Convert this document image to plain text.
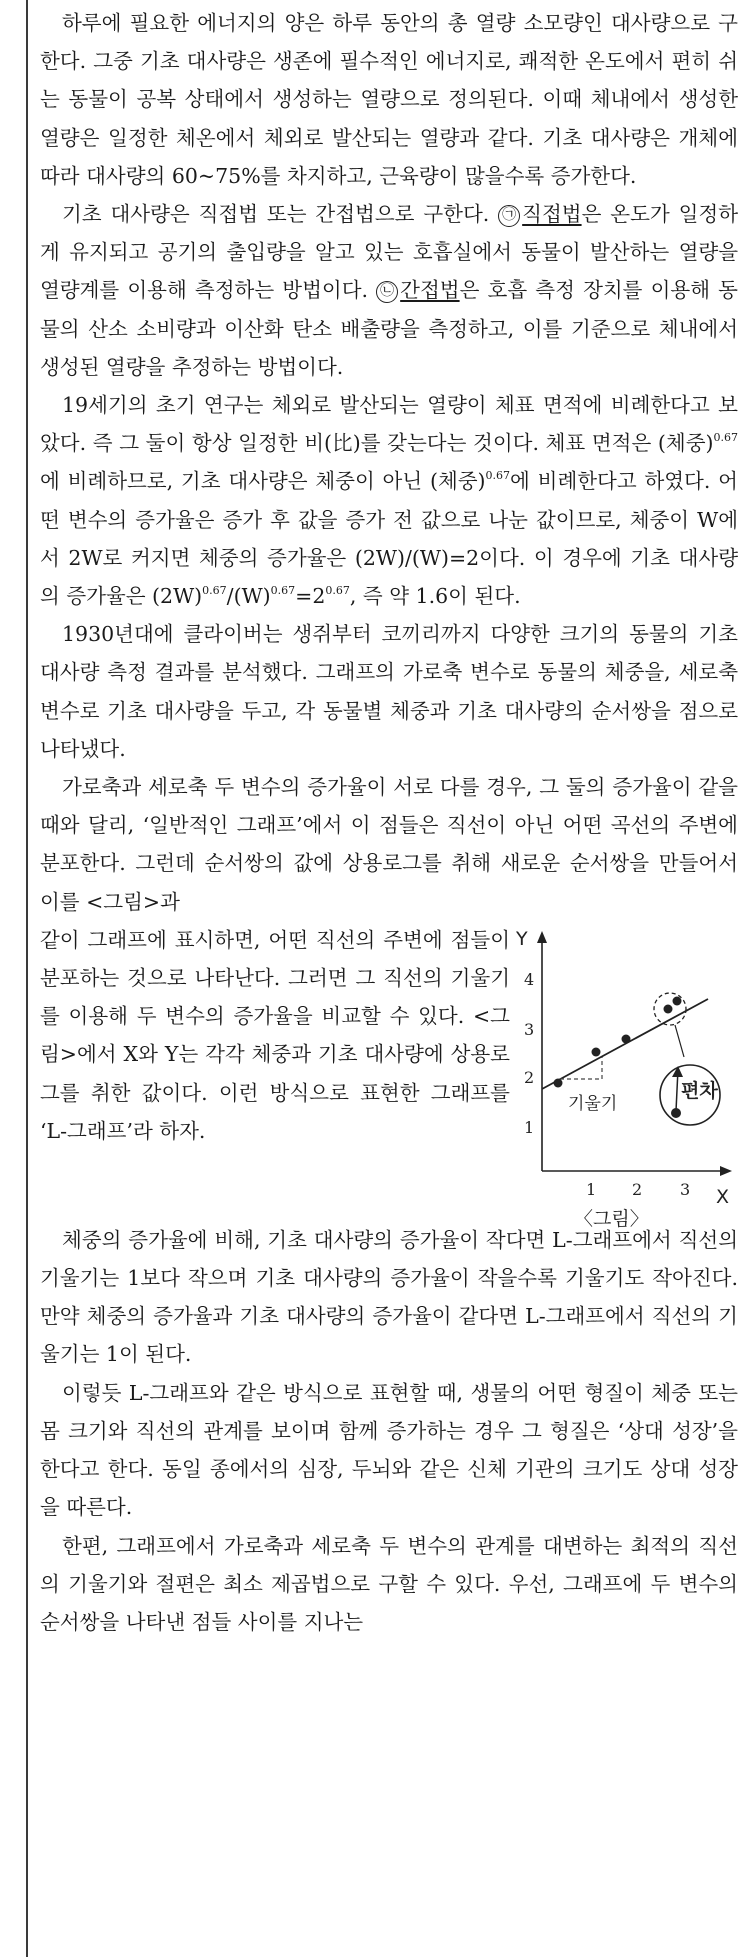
하루에 필요한 에너지의 양은 하루 동안의 총 열량 소모량인 대사량으로 구한다. 그중 기초 대사량은 생존에 필수적인 에너지로, 쾌적한 온도에서 편히 쉬는 동물이 공복 상태에서 생성하는 열량으로 정의된다. 이때 체내에서 생성한 열량은 일정한 체온에서 체외로 발산되는 열량과 같다. 기초 대사량은 개체에 따라 대사량의 60~75%를 차지하고, 근육량이 많을수록 증가한다.

기초 대사량은 직접법 또는 간접법으로 구한다. ㉠ 직접법은 온도가 일정하게 유지되고 공기의 출입량을 알고 있는 호흡실에서 동물이 발산하는 열량을 열량계를 이용해 측정하는 방법이다. ㉡ 간접법은 호흡 측정 장치를 이용해 동물의 산소 소비량과 이산화 탄소 배출량을 측정하고, 이를 기준으로 체내에서 생성된 열량을 추정하는 방법이다.

19세기의 초기 연구는 체외로 발산되는 열량이 체표 면적에 비례한다고 보았다. 즉 그 둘이 항상 일정한 비(比)를 갖는다는 것이다. 체표 면적은 (체중)$^{0.67}$에 비례하므로, 기초 대사량은 체중이 아닌 (체중)$^{0.67}$에 비례한다고 하였다. 어떤 변수의 증가율은 증가 후 값을 증가 전 값으로 나눈 값이므로, 체중이 W에서 2W로 커지면 체중의 증가율은 (2W)/(W)=2이다. 이 경우에 기초 대사량의 증가율은 $(2W)^{0.67}/(W)^{0.67}=2^{0.67}$, 즉 약 1.6이 된다.

1930년대에 클라이버는 생쥐부터 코끼리까지 다양한 크기의 동물의 기초 대사량 측정 결과를 분석했다. 그래프의 가로축 변수로 동물의 체중을, 세로축 변수로 기초 대사량을 두고, 각 동물별 체중과 기초 대사량의 순서쌍을 점으로 나타냈다.

가로축과 세로축 두 변수의 증가율이 서로 다를 경우, 그 둘의 증가율이 같을 때와 달리, ‘일반적인 그래프’에서 이 점들은 직선이 아닌 어떤 곡선의 주변에 분포한다. 그런데 순서쌍의 값에 상용로그를 취해 새로운 순서쌍을 만들어서 이를 <그림>과

같이 그래프에 표시하면, 어떤 직선의 주변에 점들이 분포하는 것으로 나타난다. 그러면 그 직선의 기울기를 이용해 두 변수의 증가율을 비교할 수 있다. <그림>에서 X와 Y는 각각 체중과 기초 대사량에 상용로그를 취한 값이다. 이런 방식으로 표현한 그래프를 ‘L-그래프’라 하자.

Y
X
4
3
2
1
1 2 3
기울기
편차
〈그림〉

체중의 증가율에 비해, 기초 대사량의 증가율이 작다면 L-그래프에서 직선의 기울기는 1보다 작으며 기초 대사량의 증가율이 작을수록 기울기도 작아진다. 만약 체중의 증가율과 기초 대사량의 증가율이 같다면 L-그래프에서 직선의 기울기는 1이 된다.

이렇듯 L-그래프와 같은 방식으로 표현할 때, 생물의 어떤 형질이 체중 또는 몸 크기와 직선의 관계를 보이며 함께 증가하는 경우 그 형질은 ‘상대 성장’을 한다고 한다. 동일 종에서의 심장, 두뇌와 같은 신체 기관의 크기도 상대 성장을 따른다.

한편, 그래프에서 가로축과 세로축 두 변수의 관계를 대변하는 최적의 직선의 기울기와 절편은 최소 제곱법으로 구할 수 있다. 우선, 그래프에 두 변수의 순서쌍을 나타낸 점들 사이를 지나는
